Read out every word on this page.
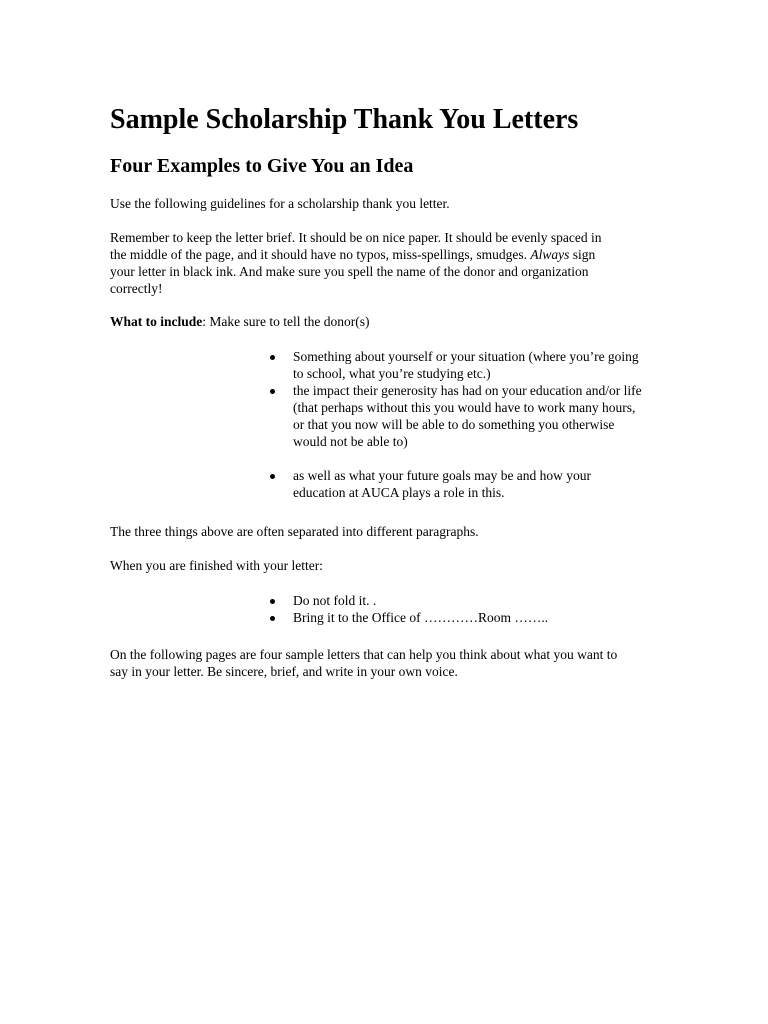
Sample Scholarship Thank You Letters
Four Examples to Give You an Idea

Use the following guidelines for a scholarship thank you letter.

Remember to keep the letter brief. It should be on nice paper. It should be evenly spaced in
the middle of the page, and it should have no typos, miss-spellings, smudges. Always sign
your letter in black ink. And make sure you spell the name of the donor and organization
correctly!

What to include: Make sure to tell the donor(s)

Something about yourself or your situation (where you’re going
to school, what you’re studying etc.)
the impact their generosity has had on your education and/or life
(that perhaps without this you would have to work many hours,
or that you now will be able to do something you otherwise
would not be able to)
as well as what your future goals may be and how your
education at AUCA plays a role in this.

The three things above are often separated into different paragraphs.

When you are finished with your letter:

Do not fold it. .
Bring it to the Office of …………Room ……..

On the following pages are four sample letters that can help you think about what you want to
say in your letter. Be sincere, brief, and write in your own voice.
